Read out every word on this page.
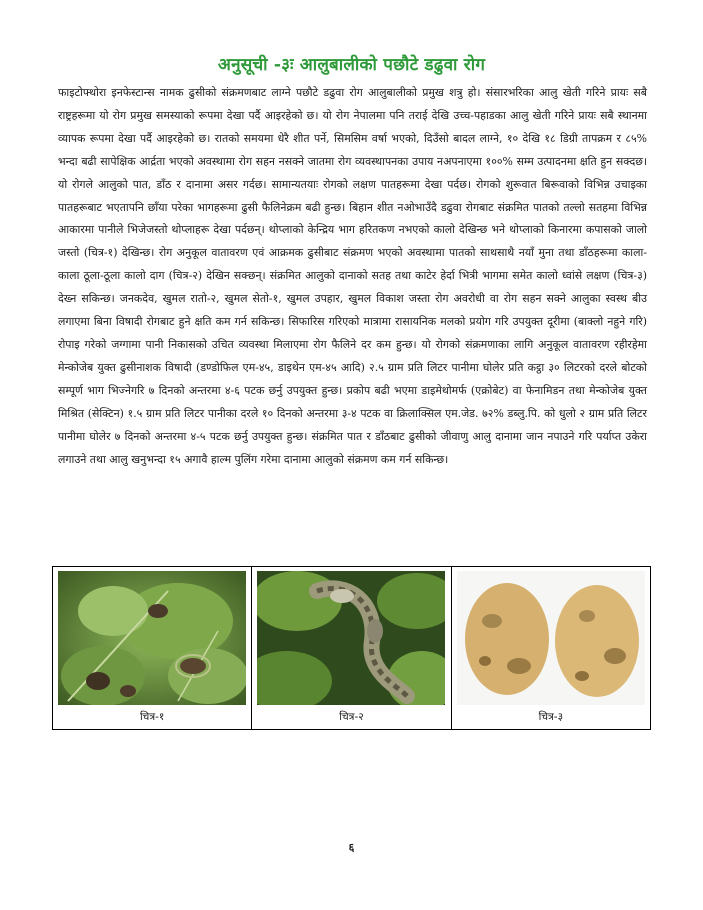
अनुसूची -३ः आलुबालीको पछौटे डढुवा रोग
फाइटोफ्थोरा इनफेस्टान्स नामक ढुसीको संक्रमणबाट लाग्ने पछौटे डढुवा रोग आलुबालीको प्रमुख शत्रु हो। संसारभरिका आलु खेती गरिने प्रायः सबै राष्ट्रहरूमा यो रोग प्रमुख समस्याको रूपमा देखा पर्दै आइरहेको छ। यो रोग नेपालमा पनि तराई देखि उच्च-पहाडका आलु खेती गरिने प्रायः सबै स्थानमा व्यापक रूपमा देखा पर्दै आइरहेको छ। रातको समयमा धेरै शीत पर्ने, सिमसिम वर्षा भएको, दिउँसो बादल लाग्ने, १० देखि १८ डिग्री तापक्रम र ८५% भन्दा बढी सापेक्षिक आर्द्रता भएको अवस्थामा रोग सहन नसक्ने जातमा रोग व्यवस्थापनका उपाय नअपनाएमा १००% सम्म उत्पादनमा क्षति हुन सक्दछ। यो रोगले आलुको पात, डाँठ र दानामा असर गर्दछ। सामान्यतयाः रोगको लक्षण पातहरूमा देखा पर्दछ। रोगको शुरूवात बिरूवाको विभिन्न उचाइका पातहरूबाट भएतापनि छाँया परेका भागहरूमा ढुसी फैलिनेक्रम बढी हुन्छ। बिहान शीत नओभाउँदै डढुवा रोगबाट संक्रमित पातको तल्लो सतहमा विभिन्न आकारमा पानीले भिजेजस्तो थोप्लाहरू देखा पर्दछन्। थोप्लाको केन्द्रिय भाग हरितकण नभएको कालो देखिन्छ भने थोप्लाको किनारमा कपासको जालो जस्तो (चित्र-१) देखिन्छ। रोग अनुकूल वातावरण एवं आक्रमक ढुसीबाट संक्रमण भएको अवस्थामा पातको साथसाथै नयाँ मुना तथा डाँठहरूमा काला-काला ठूला-ठूला कालो दाग (चित्र-२) देखिन सक्छन्। संक्रमित आलुको दानाको सतह तथा काटेर हेर्दा भित्री भागमा समेत कालो ध्वांसे लक्षण (चित्र-३) देख्न सकिन्छ। जनकदेव, खुमल रातो-२, खुमल सेतो-१, खुमल उपहार, खुमल विकाश जस्ता रोग अवरोधी वा रोग सहन सक्ने आलुका स्वस्थ बीउ लगाएमा बिना विषादी रोगबाट हुने क्षति कम गर्न सकिन्छ। सिफारिस गरिएको मात्रामा रासायनिक मलको प्रयोग गरि उपयुक्त दूरीमा (बाक्लो नहुने गरि) रोपाइ गरेको जग्गामा पानी निकासको उचित व्यवस्था मिलाएमा रोग फैलिने दर कम हुन्छ। यो रोगको संक्रमणाका लागि अनुकूल वातावरण रहीरहेमा मेन्कोजेब युक्त ढुसीनाशक विषादी (डण्डोफिल एम-४५, डाइथेन एम-४५ आदि) २.५ ग्राम प्रति लिटर पानीमा घोलेर प्रति कट्ठा ३० लिटरको दरले बोटको सम्पूर्ण भाग भिज्नेगरि ७ दिनको अन्तरमा ४-६ पटक छर्नु उपयुक्त हुन्छ। प्रकोप बढी भएमा डाइमेथोमर्फ (एक्रोबेट) वा फेनामिडन तथा मेन्कोजेब युक्त मिश्रित (सेक्टिन) १.५ ग्राम प्रति लिटर पानीका दरले १० दिनको अन्तरमा ३-४ पटक वा क्रिलाक्सिल एम.जेड. ७२% डब्लु.पि. को धुलो २ ग्राम प्रति लिटर पानीमा घोलेर ७ दिनको अन्तरमा ४-५ पटक छर्नु उपयुक्त हुन्छ। संक्रमित पात र डाँठबाट ढुसीको जीवाणु आलु दानामा जान नपाउने गरि पर्याप्त उकेरा लगाउने तथा आलु खनुभन्दा १५ अगावै हाल्म पुलिंग गरेमा दानामा आलुको संक्रमण कम गर्न सकिन्छ।
चित्र-१	चित्र-२	चित्र-३
६
